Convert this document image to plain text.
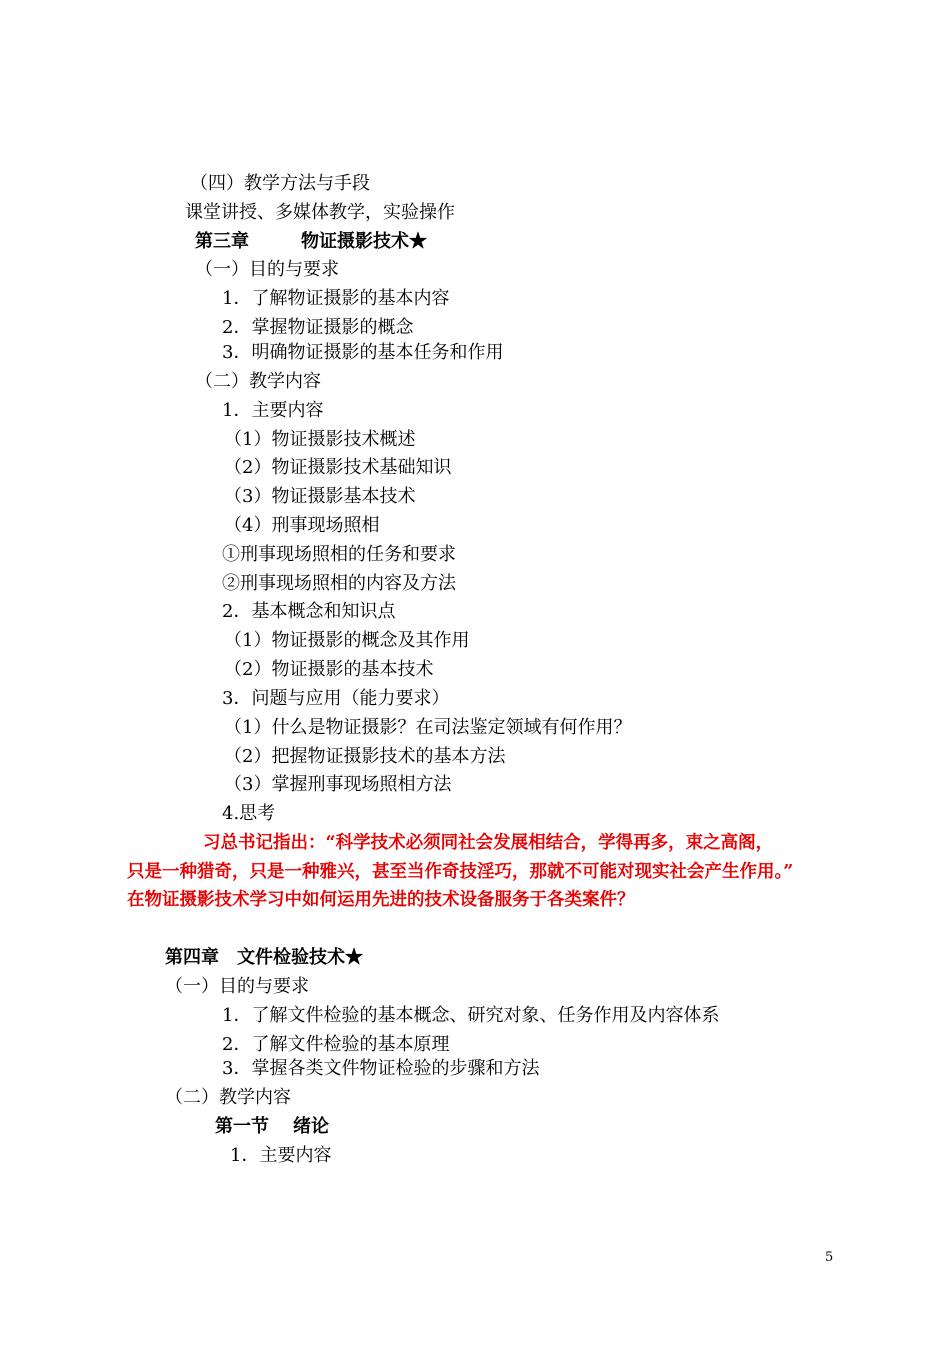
（四）教学方法与手段
课堂讲授、多媒体教学，实验操作
第三章	物证摄影技术★
（一）目的与要求
1．了解物证摄影的基本内容
2．掌握物证摄影的概念
3．明确物证摄影的基本任务和作用
（二）教学内容
1．主要内容
（1）物证摄影技术概述
（2）物证摄影技术基础知识
（3）物证摄影基本技术
（4）刑事现场照相
①刑事现场照相的任务和要求
②刑事现场照相的内容及方法
2．基本概念和知识点
（1）物证摄影的概念及其作用
（2）物证摄影的基本技术
3．问题与应用（能力要求）
（1）什么是物证摄影？在司法鉴定领域有何作用？
（2）把握物证摄影技术的基本方法
（3）掌握刑事现场照相方法
4.思考
习总书记指出：“科学技术必须同社会发展相结合，学得再多，束之高阁，
只是一种猎奇，只是一种雅兴，甚至当作奇技淫巧，那就不可能对现实社会产生作用。”
在物证摄影技术学习中如何运用先进的技术设备服务于各类案件？
第四章 文件检验技术★
（一）目的与要求
1．了解文件检验的基本概念、研究对象、任务作用及内容体系
2．了解文件检验的基本原理
3．掌握各类文件物证检验的步骤和方法
（二）教学内容
第一节 绪论
1．主要内容
5
